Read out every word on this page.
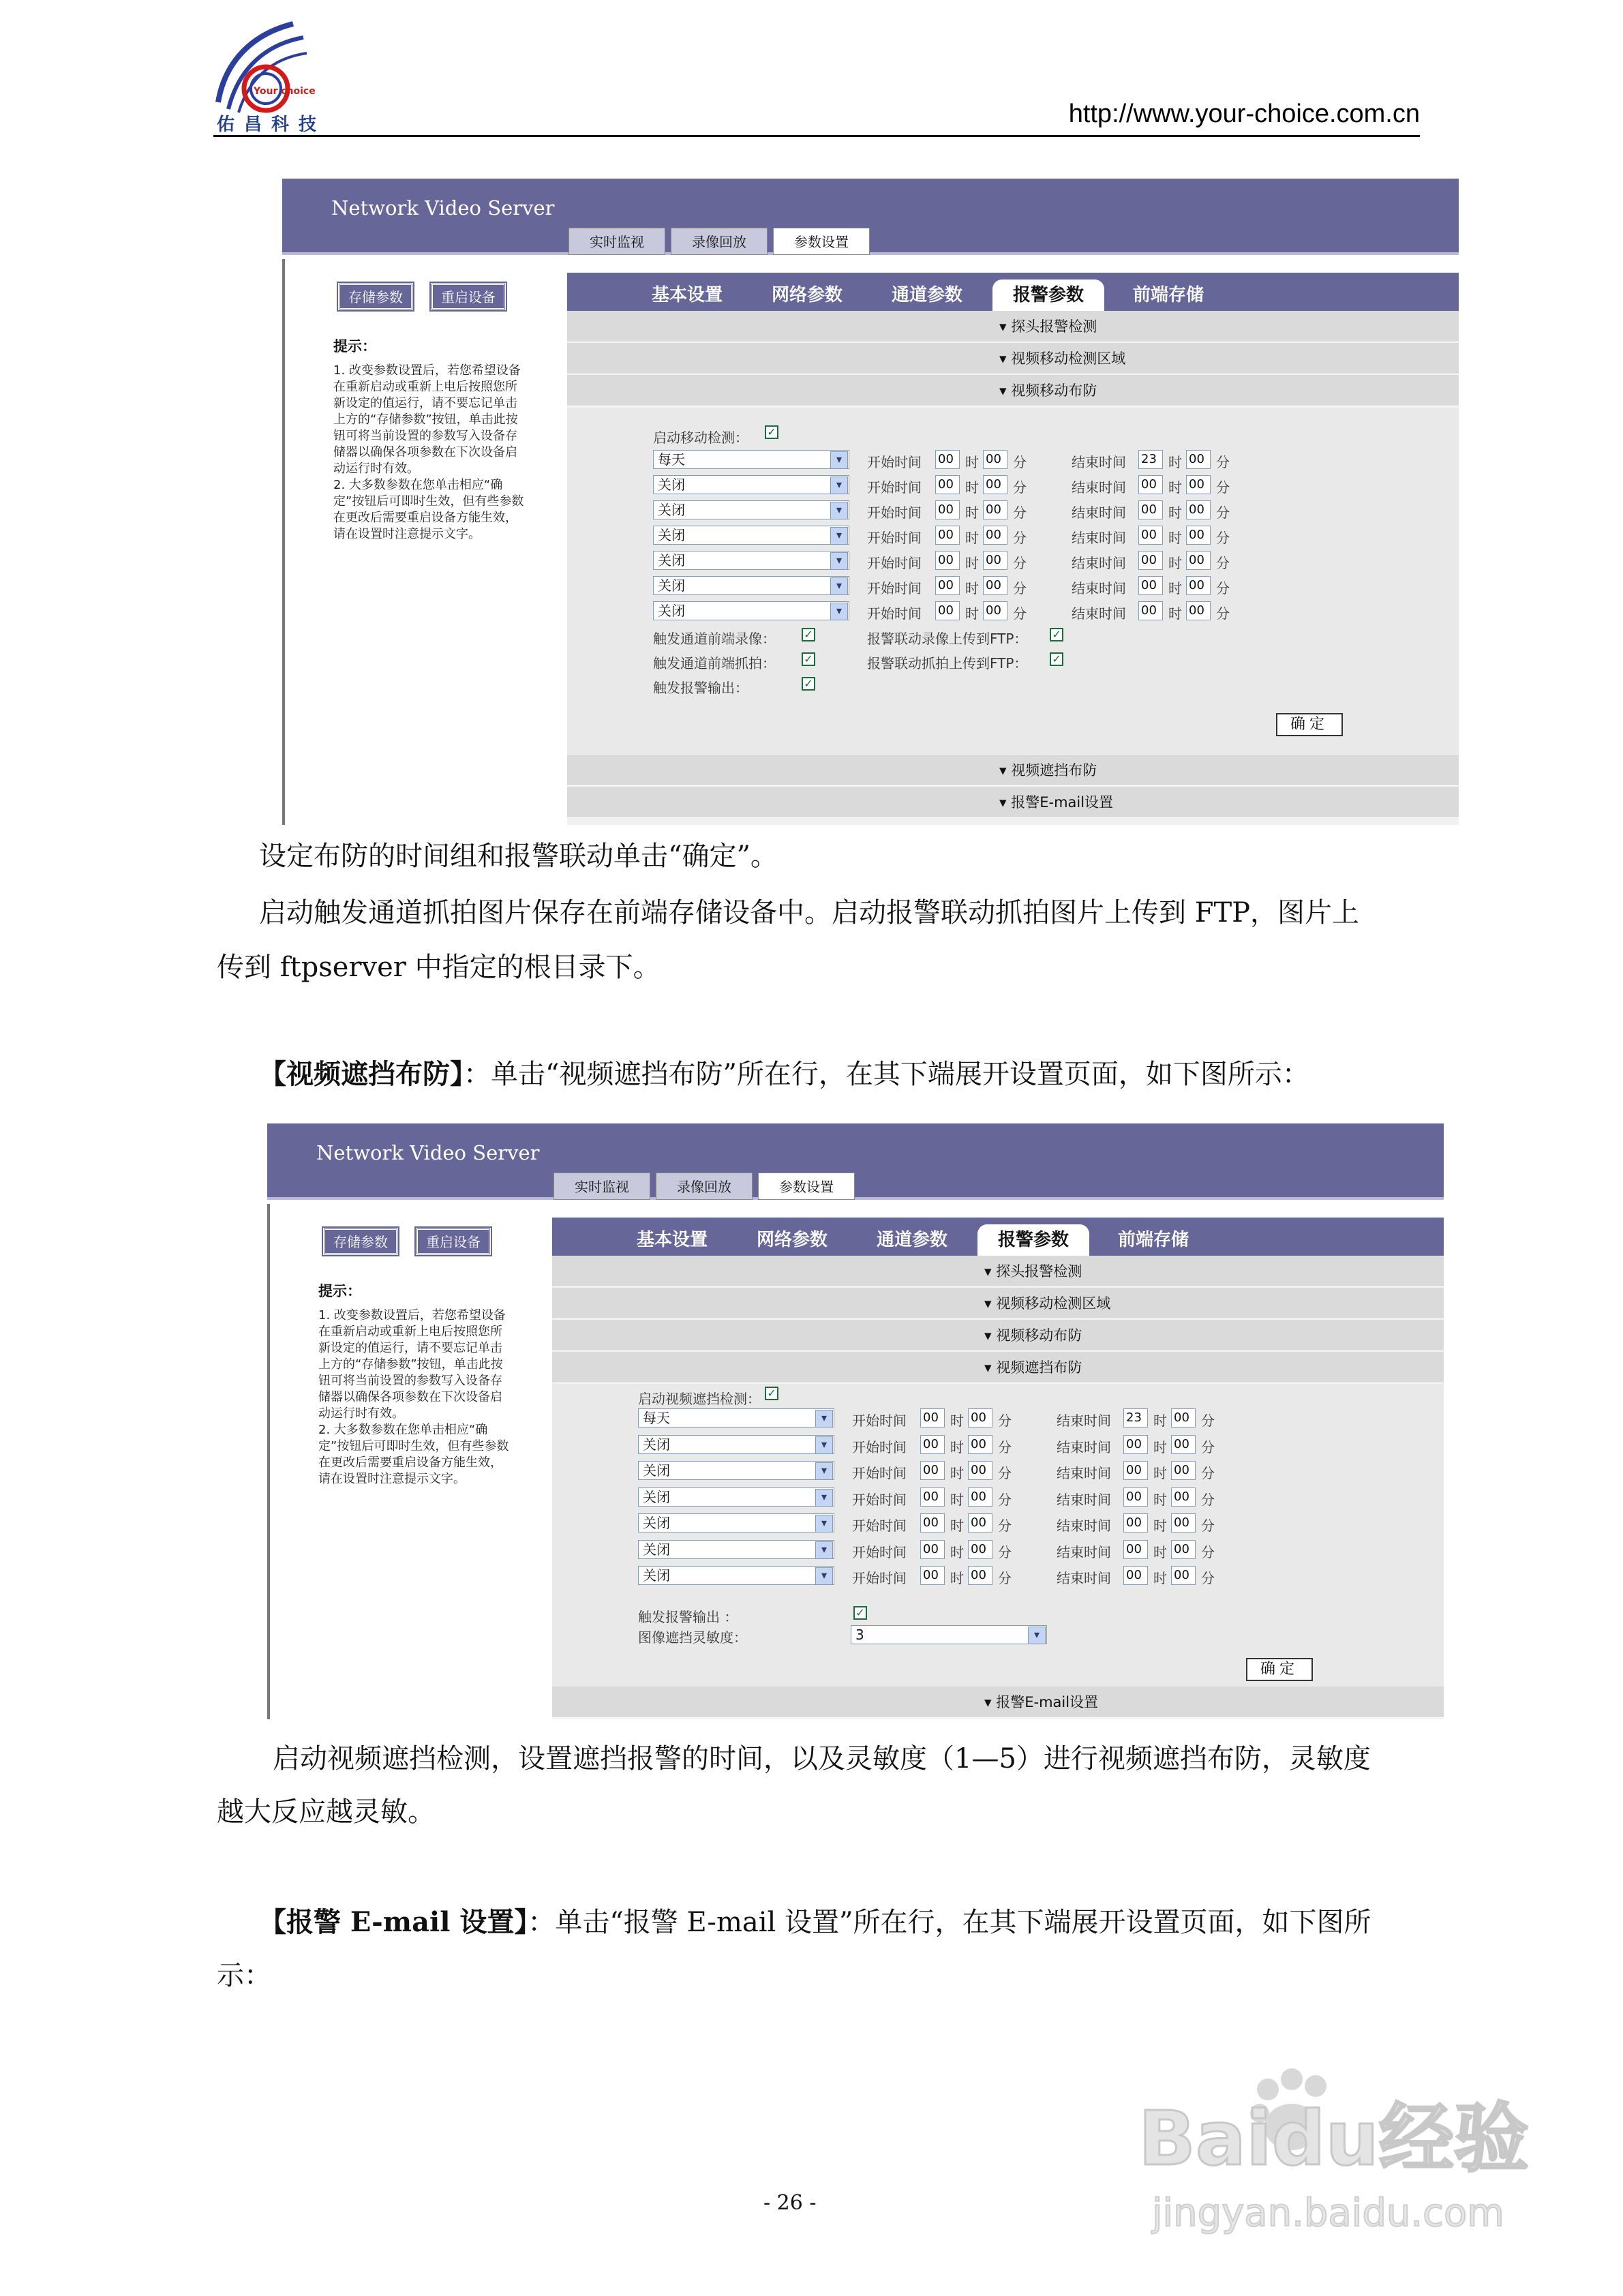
Your choice
佑昌科技	http://www.your-choice.com.cn
Network Video Server
实时监视	录像回放	参数设置
存储参数	重启设备
提示：
1. 改变参数设置后，若您希望设备在重新启动或重新上电后按照您所新设定的值运行，请不要忘记单击上方的“存储参数”按钮，单击此按钮可将当前设置的参数写入设备存储器以确保各项参数在下次设备启动运行时有效。
2. 大多数参数在您单击相应“确定”按钮后可即时生效，但有些参数在更改后需要重启设备方能生效，请在设置时注意提示文字。
基本设置	网络参数	通道参数	报警参数	前端存储
▾ 探头报警检测
▾ 视频移动检测区域
▾ 视频移动布防
启动移动检测： ✓
每天 ▾	开始时间 00 时 00 分	结束时间 23 时 00 分
关闭 ▾	开始时间 00 时 00 分	结束时间 00 时 00 分
关闭 ▾	开始时间 00 时 00 分	结束时间 00 时 00 分
关闭 ▾	开始时间 00 时 00 分	结束时间 00 时 00 分
关闭 ▾	开始时间 00 时 00 分	结束时间 00 时 00 分
关闭 ▾	开始时间 00 时 00 分	结束时间 00 时 00 分
关闭 ▾	开始时间 00 时 00 分	结束时间 00 时 00 分
触发通道前端录像：	✓
触发通道前端抓拍：	✓
触发报警输出：	✓
报警联动录像上传到FTP： ✓
报警联动抓拍上传到FTP： ✓
确定
▾ 视频遮挡布防
▾ 报警E-mail设置
设定布防的时间组和报警联动单击“确定”。
启动触发通道抓拍图片保存在前端存储设备中。启动报警联动抓拍图片上传到 FTP，图片上
传到 ftpserver 中指定的根目录下。
【视频遮挡布防】：单击“视频遮挡布防”所在行，在其下端展开设置页面，如下图所示：
Network Video Server
实时监视	录像回放	参数设置
存储参数	重启设备
提示：
1. 改变参数设置后，若您希望设备在重新启动或重新上电后按照您所新设定的值运行，请不要忘记单击上方的“存储参数”按钮，单击此按钮可将当前设置的参数写入设备存储器以确保各项参数在下次设备启动运行时有效。
2. 大多数参数在您单击相应“确定”按钮后可即时生效，但有些参数在更改后需要重启设备方能生效，请在设置时注意提示文字。
基本设置	网络参数	通道参数	报警参数	前端存储
▾ 探头报警检测
▾ 视频移动检测区域
▾ 视频移动布防
▾ 视频遮挡布防
启动视频遮挡检测： ✓
触发报警输出 ：	✓
图像遮挡灵敏度：	3 ▾
确定
每天 ▾	开始时间 00 时 00 分	结束时间 23 时 00 分
关闭 ▾	开始时间 00 时 00 分	结束时间 00 时 00 分
关闭 ▾	开始时间 00 时 00 分	结束时间 00 时 00 分
关闭 ▾	开始时间 00 时 00 分	结束时间 00 时 00 分
关闭 ▾	开始时间 00 时 00 分	结束时间 00 时 00 分
关闭 ▾	开始时间 00 时 00 分	结束时间 00 时 00 分
关闭 ▾	开始时间 00 时 00 分	结束时间 00 时 00 分
▾ 报警E-mail设置
启动视频遮挡检测，设置遮挡报警的时间，以及灵敏度（1—5）进行视频遮挡布防，灵敏度
越大反应越灵敏。
【报警 E-mail 设置】：单击“报警 E-mail 设置”所在行，在其下端展开设置页面，如下图所
示：
- 26 -
Baidu经验
jingyan.baidu.com
